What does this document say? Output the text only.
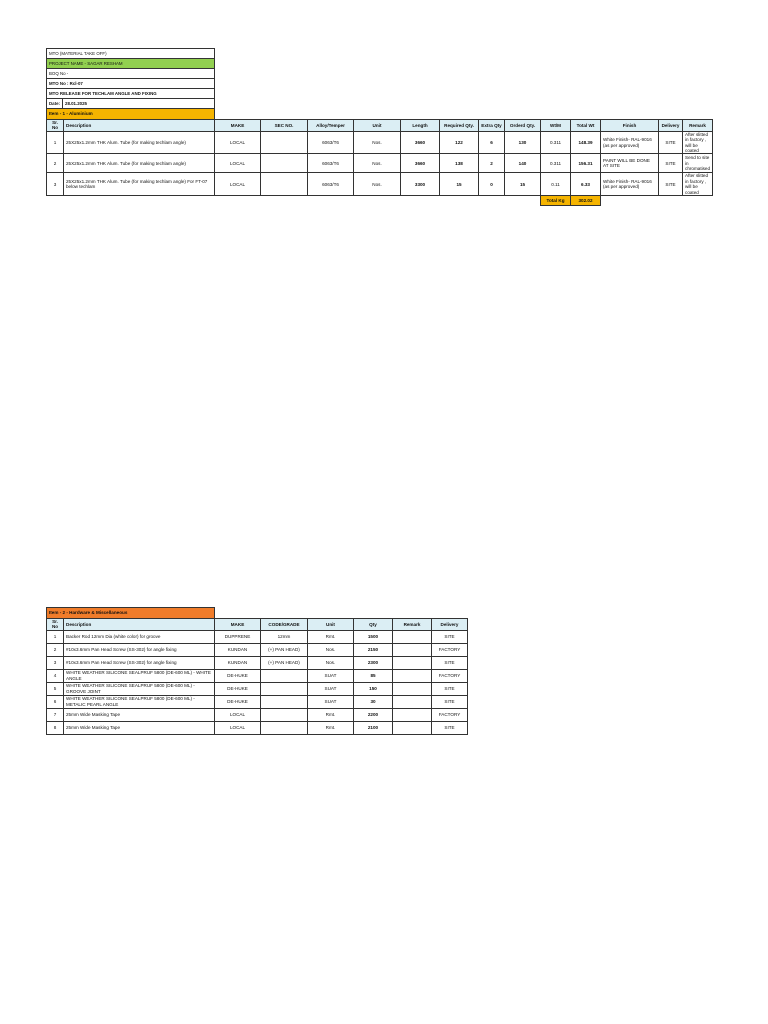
MTO (MATERIAL TAKE OFF)
PROJECT NAME - SAGAR RESHAM
BOQ No -
MTO No : Rcl-07
MTO RELEASE FOR TECHLAM ANGLE AND FIXING
Date:	28.01.2025
Item - 1 - Aluminium														
Sr. No	Description	MAKE	SEC NO.	Alloy/Temper	Unit	Length	Required Qty.	Extra Qty	Orderd Qty.	Wt/M	Total Wt	Finish	Delivery	Remark
1	25X25x1.2mm THK Alum. Tube (for making techlam angle)	LOCAL		6063/T6	Nos.	3660	122	6	130	0.311	148.39	White Finish- RAL-9016 (as per approved)	SITE	After slitted in factory , will be coated
2	25X25x1.2mm THK Alum. Tube (for making techlam angle)	LOCAL		6063/T6	Nos.	3660	138	2	140	0.311	156.31	PAINT WILL BE DONE AT SITE	SITE	Send to site in chromatised
3	25X25x1.2mm THK Alum. Tube (for making techlam angle) For FT-07 below techlam	LOCAL		6063/T6	Nos.	3300	15	0	15	0.11	6.33	White Finish- RAL-9016 (as per approved)	SITE	After slitted in factory , will be coated
										Total Kg	302.02			
Item - 2 - Hardware & Miscellaneous							
Sr. No	Description	MAKE	CODE/GRADE	Unit	Qty	Remark	Delivery
1	Backer Rod 12mm Dia (white color) for groove	DUPPRENE	12mm	Rmt.	1500		SITE
2	#10x3.6mm Pan Head Screw (SS-302) for angle fixing	KUNDAN	(+) PAN HEAD)	Nos.	2150		FACTORY
3	#10x3.6mm Pan Head Screw (SS-302) for angle fixing	KUNDAN	(+) PAN HEAD)	Nos.	2300		SITE
4	WHITE WEATHER SILICONE SEALPRUF 5800 (DE-600 ML) - WHITE ANGLE	DE-HUKE		SUAT	85		FACTORY
5	WHITE WEATHER SILICONE SEALPRUF 5800 (DE-600 ML) - GROOVE JOINT	DE-HUKE		SUAT	150		SITE
6	WHITE WEATHER SILICONE SEALPRUF 5800 (DE-600 ML) - METALIC PEARL ANGLE	DE-HUKE		SUAT	30		SITE
7	25mm Wide Masking Tape	LOCAL		Rmt.	2200		FACTORY
8	25mm Wide Masking Tape	LOCAL		Rmt.	2100		SITE
